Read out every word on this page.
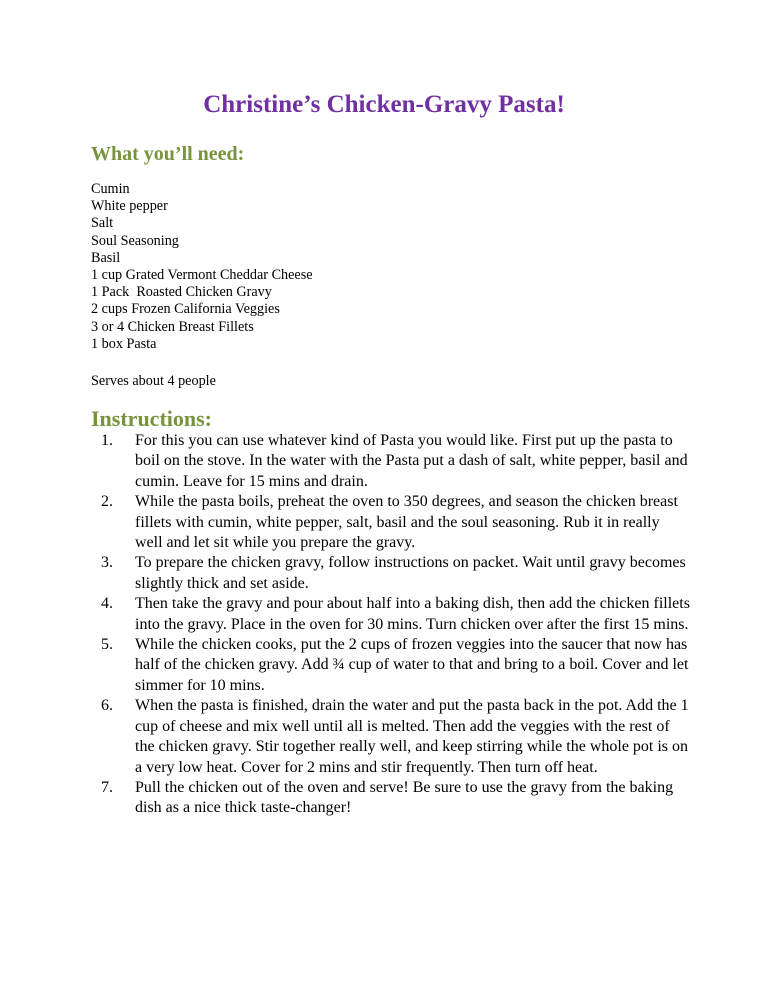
Christine’s Chicken-Gravy Pasta!
What you’ll need:
Cumin
White pepper
Salt
Soul Seasoning
Basil
1 cup Grated Vermont Cheddar Cheese
1 Pack  Roasted Chicken Gravy
2 cups Frozen California Veggies
3 or 4 Chicken Breast Fillets
1 box Pasta

Serves about 4 people

Instructions:
1. For this you can use whatever kind of Pasta you would like. First put up the pasta to boil on the stove. In the water with the Pasta put a dash of salt, white pepper, basil and cumin. Leave for 15 mins and drain.
2. While the pasta boils, preheat the oven to 350 degrees, and season the chicken breast fillets with cumin, white pepper, salt, basil and the soul seasoning. Rub it in really well and let sit while you prepare the gravy.
3. To prepare the chicken gravy, follow instructions on packet. Wait until gravy becomes slightly thick and set aside.
4. Then take the gravy and pour about half into a baking dish, then add the chicken fillets into the gravy. Place in the oven for 30 mins. Turn chicken over after the first 15 mins.
5. While the chicken cooks, put the 2 cups of frozen veggies into the saucer that now has half of the chicken gravy. Add ¾ cup of water to that and bring to a boil. Cover and let simmer for 10 mins.
6. When the pasta is finished, drain the water and put the pasta back in the pot. Add the 1 cup of cheese and mix well until all is melted. Then add the veggies with the rest of the chicken gravy. Stir together really well, and keep stirring while the whole pot is on a very low heat. Cover for 2 mins and stir frequently. Then turn off heat.
7. Pull the chicken out of the oven and serve! Be sure to use the gravy from the baking dish as a nice thick taste-changer!
